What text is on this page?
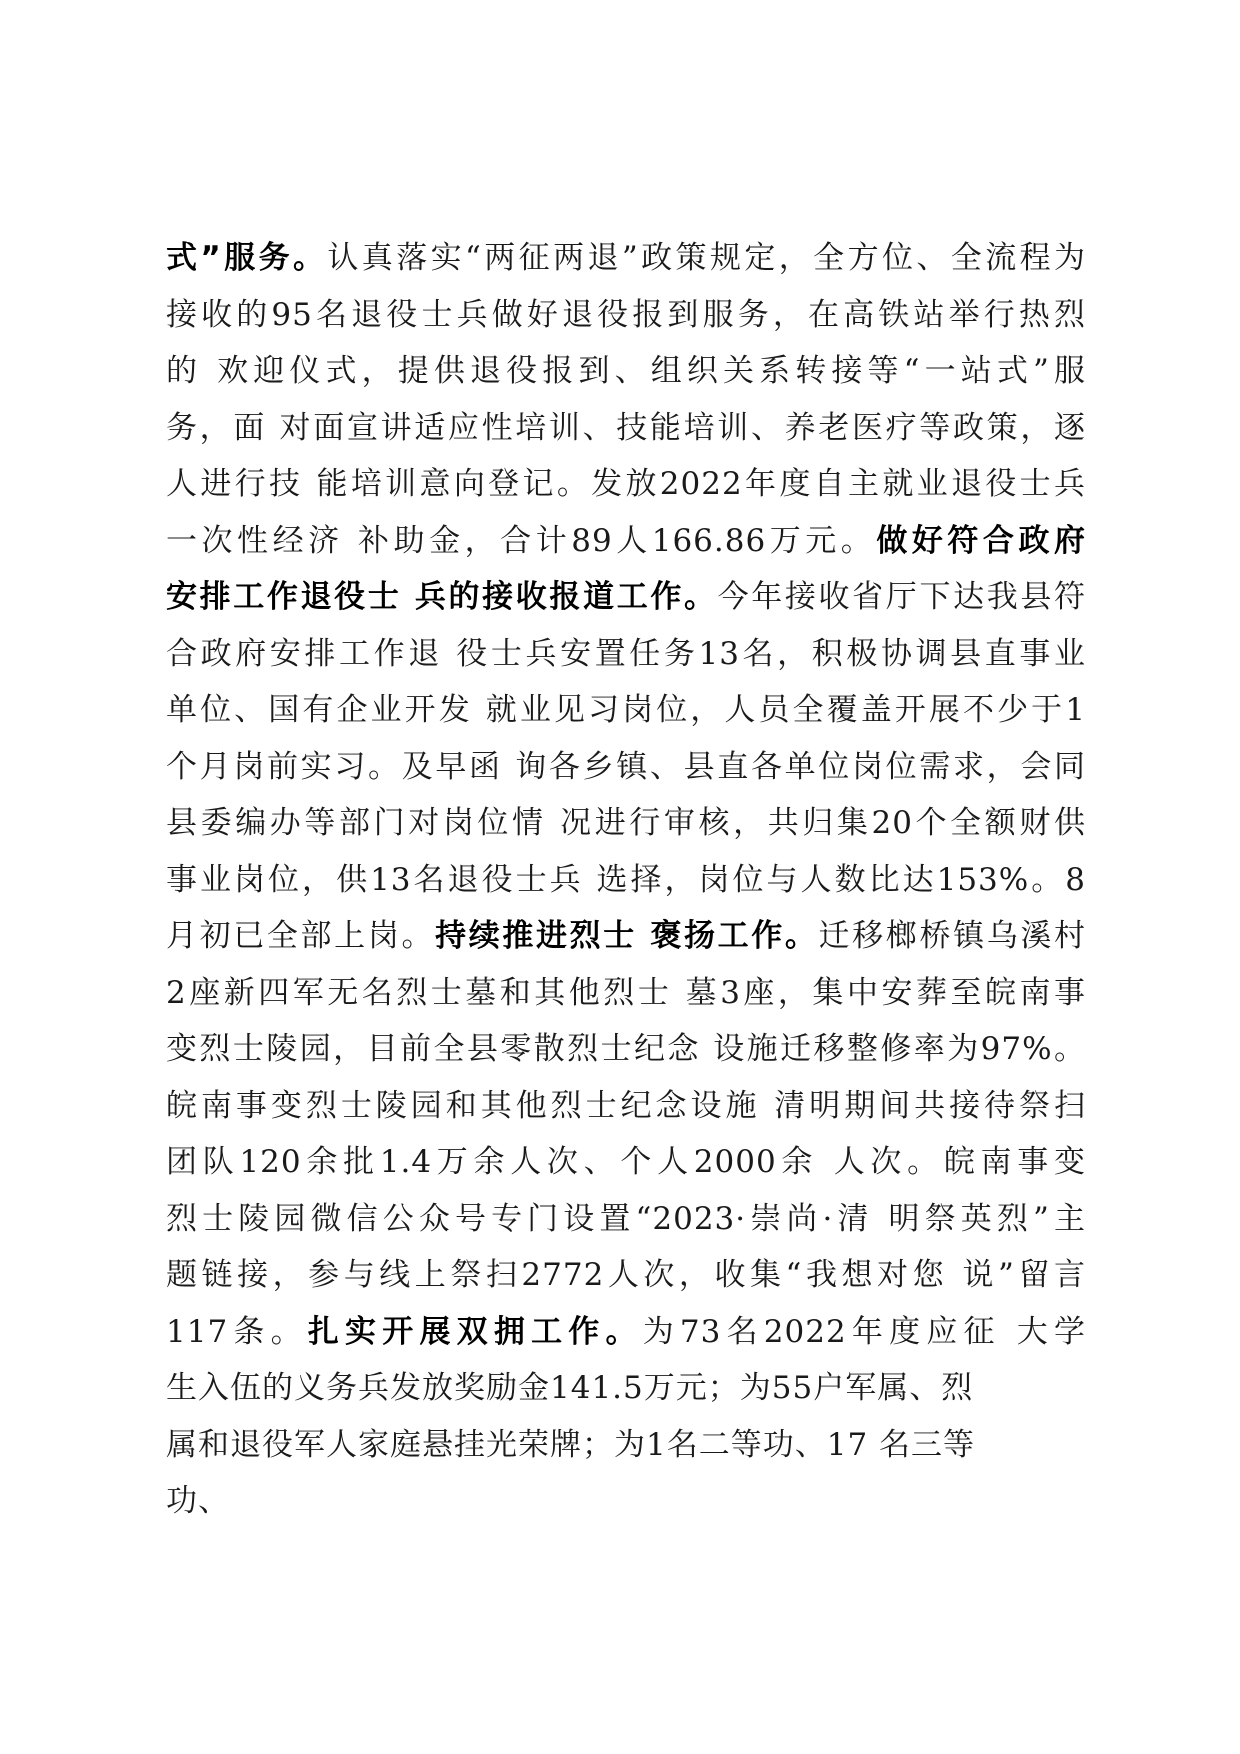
式”服务。认真落实“两征两退”政策规定，全方位、全流程为
接收的95名退役士兵做好退役报到服务，在高铁站举行热烈
的 欢迎仪式，提供退役报到、组织关系转接等“一站式”服
务，面 对面宣讲适应性培训、技能培训、养老医疗等政策，逐
人进行技 能培训意向登记。发放2022年度自主就业退役士兵
一次性经济 补助金，合计89人166.86万元。做好符合政府
安排工作退役士 兵的接收报道工作。今年接收省厅下达我县符
合政府安排工作退 役士兵安置任务13名，积极协调县直事业
单位、国有企业开发 就业见习岗位，人员全覆盖开展不少于1
个月岗前实习。及早函 询各乡镇、县直各单位岗位需求，会同
县委编办等部门对岗位情 况进行审核，共归集20个全额财供
事业岗位，供13名退役士兵 选择，岗位与人数比达153%。8
月初已全部上岗。持续推进烈士 褒扬工作。迁移榔桥镇乌溪村
2座新四军无名烈士墓和其他烈士 墓3座，集中安葬至皖南事
变烈士陵园，目前全县零散烈士纪念 设施迁移整修率为97%。
皖南事变烈士陵园和其他烈士纪念设施 清明期间共接待祭扫
团队120余批1.4万余人次、个人2000余 人次。皖南事变
烈士陵园微信公众号专门设置“2023·崇尚·清 明祭英烈”主
题链接，参与线上祭扫2772人次，收集“我想对您 说”留言
117条。扎实开展双拥工作。为73名2022年度应征 大学
生入伍的义务兵发放奖励金141.5万元；为55户军属、烈
属和退役军人家庭悬挂光荣牌；为1名二等功、17 名三等
功、
